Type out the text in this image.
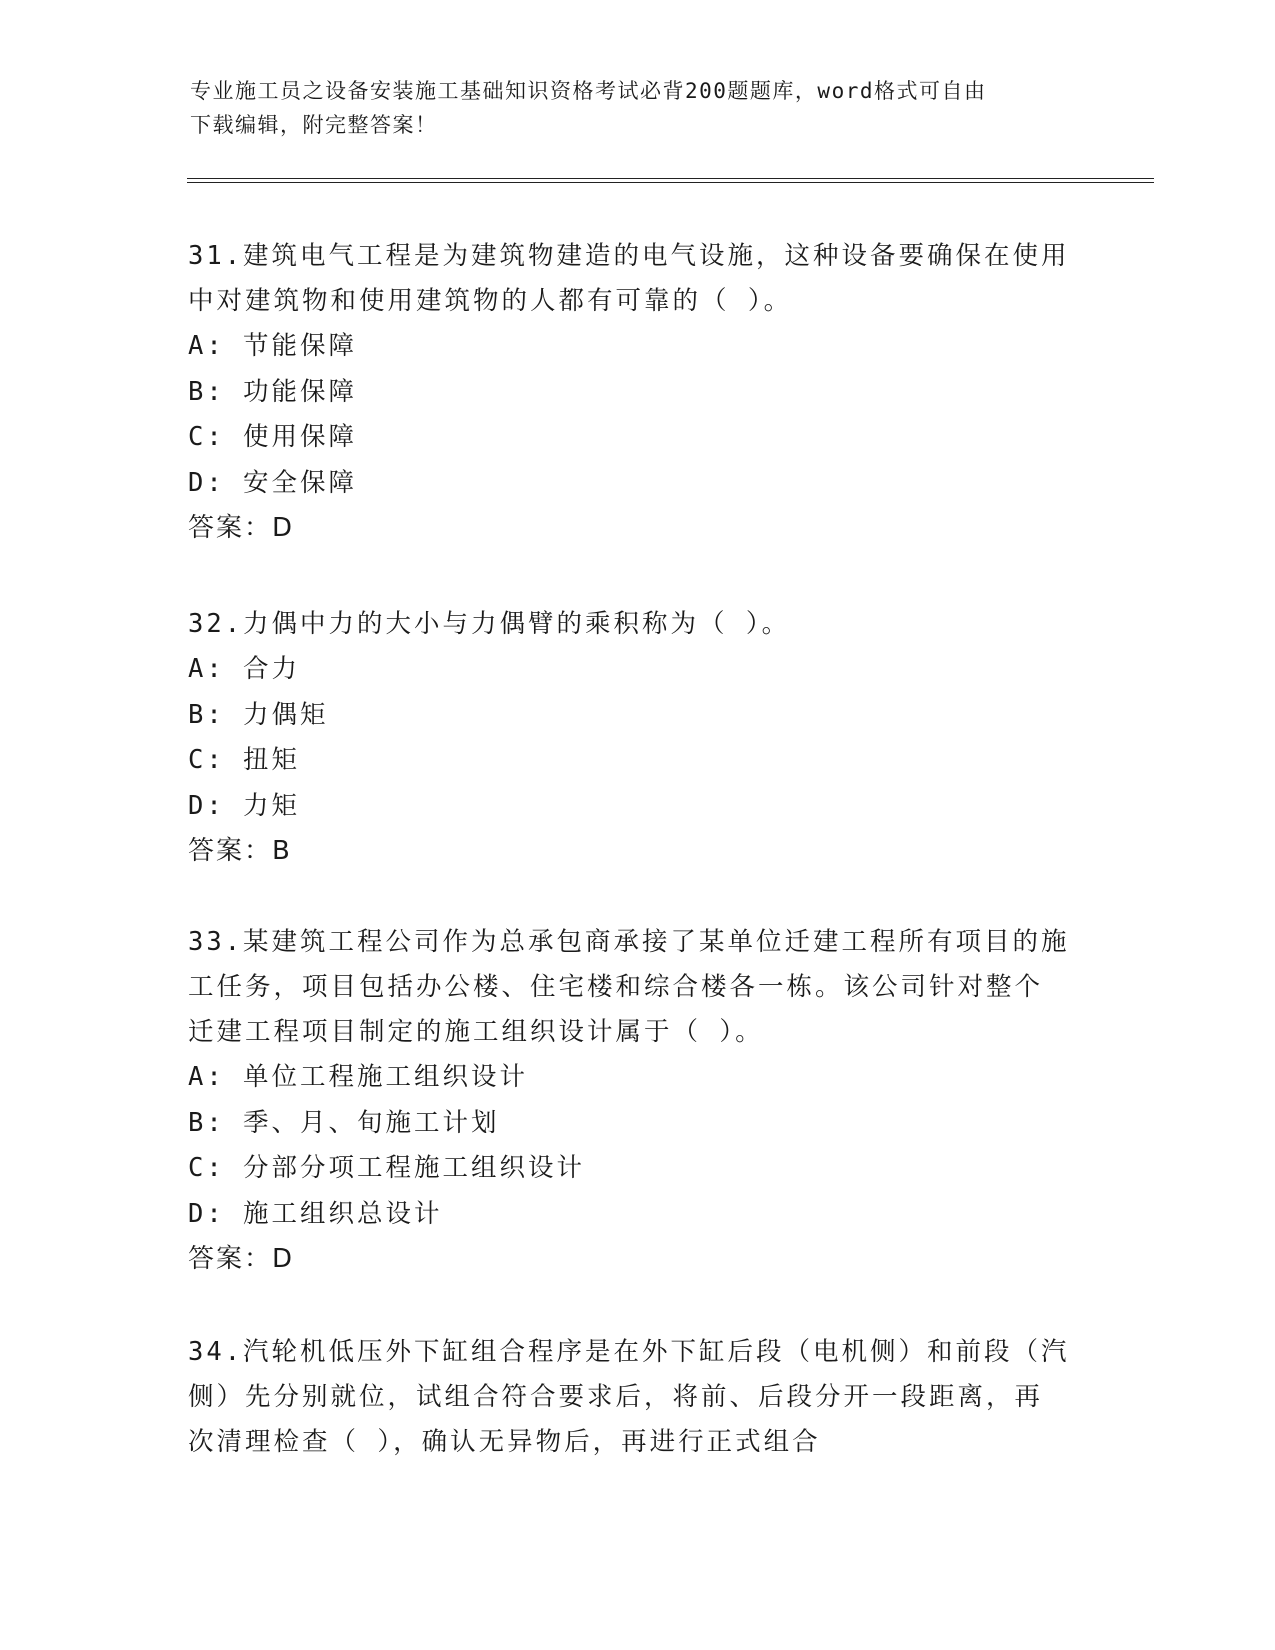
专业施工员之设备安装施工基础知识资格考试必背200题题库，word格式可自由
下载编辑，附完整答案！

31.建筑电气工程是为建筑物建造的电气设施，这种设备要确保在使用

中对建筑物和使用建筑物的人都有可靠的（ ）。

A: 节能保障

B: 功能保障

C: 使用保障

D: 安全保障

答案：D

32.力偶中力的大小与力偶臂的乘积称为（ ）。

A: 合力

B: 力偶矩

C: 扭矩

D: 力矩

答案：B

33.某建筑工程公司作为总承包商承接了某单位迁建工程所有项目的施

工任务，项目包括办公楼、住宅楼和综合楼各一栋。该公司针对整个

迁建工程项目制定的施工组织设计属于（ ）。

A: 单位工程施工组织设计

B: 季、月、旬施工计划

C: 分部分项工程施工组织设计

D: 施工组织总设计

答案：D

34.汽轮机低压外下缸组合程序是在外下缸后段（电机侧）和前段（汽

侧）先分别就位，试组合符合要求后，将前、后段分开一段距离，再

次清理检查（ ），确认无异物后，再进行正式组合
